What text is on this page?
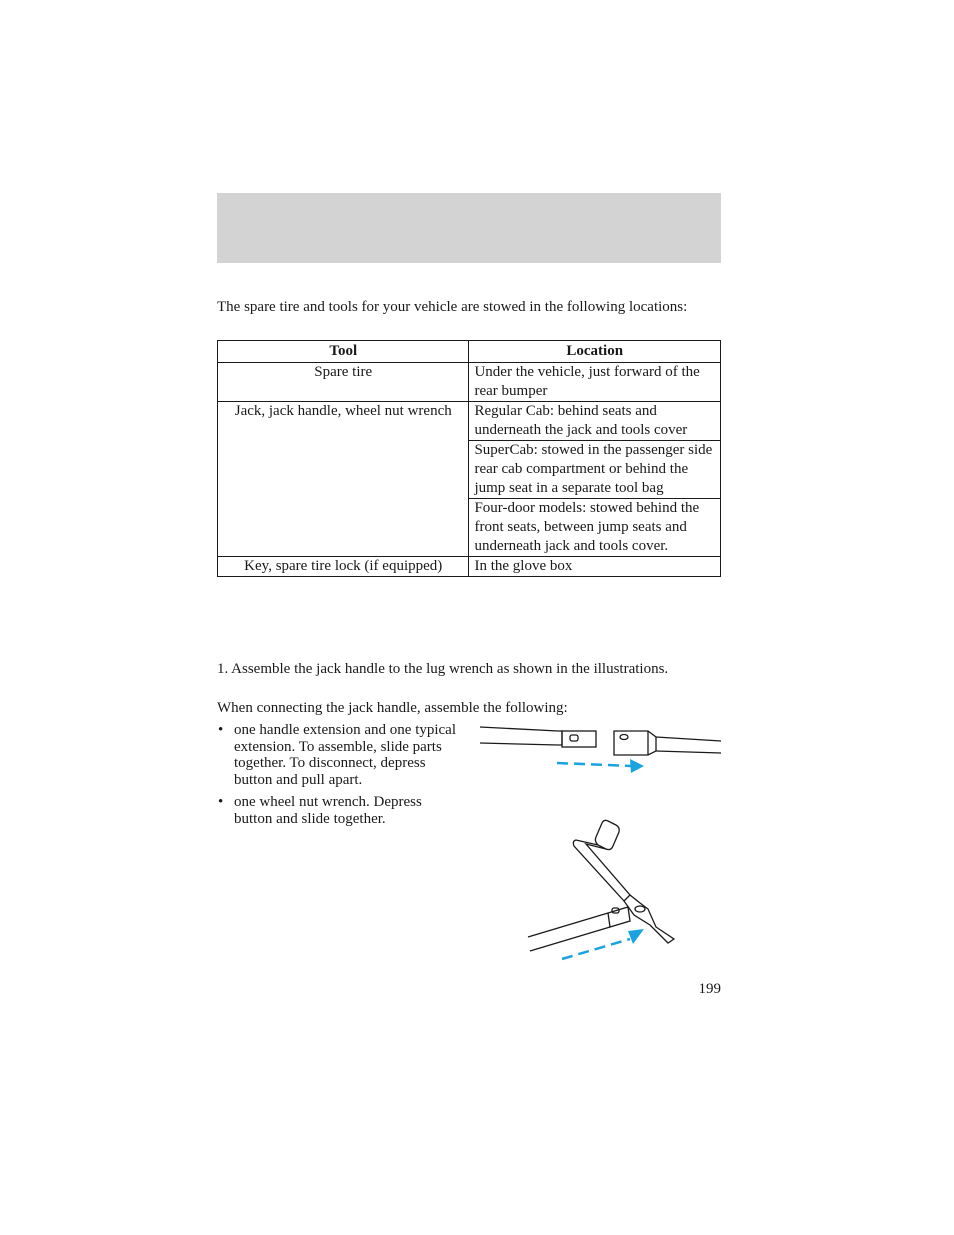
The spare tire and tools for your vehicle are stowed in the following locations:

Tool	Location
Spare tire	Under the vehicle, just forward of the rear bumper
Jack, jack handle, wheel nut wrench	Regular Cab: behind seats and underneath the jack and tools cover
	SuperCab: stowed in the passenger side rear cab compartment or behind the jump seat in a separate tool bag
	Four-door models: stowed behind the front seats, between jump seats and underneath jack and tools cover.
Key, spare tire lock (if equipped)	In the glove box

1. Assemble the jack handle to the lug wrench as shown in the illustrations.

When connecting the jack handle, assemble the following:

• one handle extension and one typical extension. To assemble, slide parts together. To disconnect, depress button and pull apart.
• one wheel nut wrench. Depress button and slide together.
199
